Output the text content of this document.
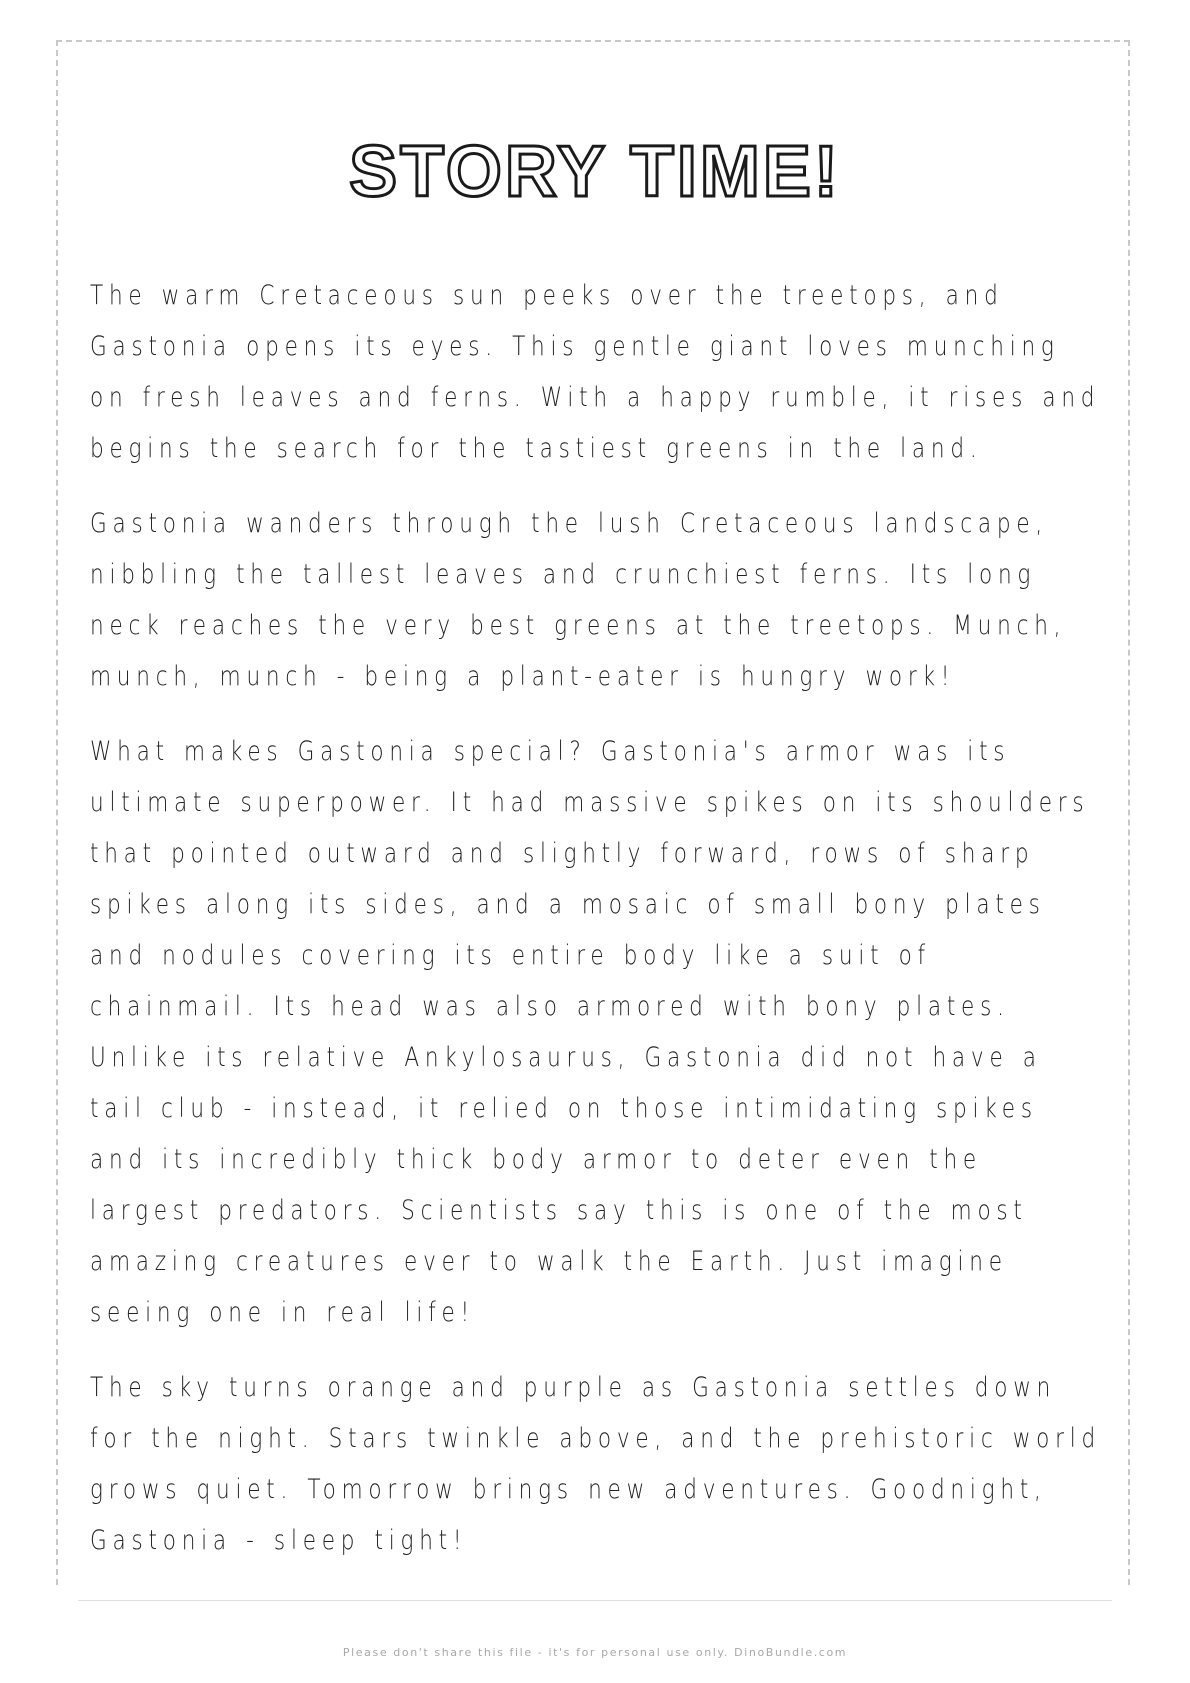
STORY TIME!

The warm Cretaceous sun peeks over the treetops, and Gastonia opens its eyes. This gentle giant loves munching on fresh leaves and ferns. With a happy rumble, it rises and begins the search for the tastiest greens in the land.

Gastonia wanders through the lush Cretaceous landscape, nibbling the tallest leaves and crunchiest ferns. Its long neck reaches the very best greens at the treetops. Munch, munch, munch - being a plant-eater is hungry work!

What makes Gastonia special? Gastonia's armor was its ultimate superpower. It had massive spikes on its shoulders that pointed outward and slightly forward, rows of sharp spikes along its sides, and a mosaic of small bony plates and nodules covering its entire body like a suit of chainmail. Its head was also armored with bony plates. Unlike its relative Ankylosaurus, Gastonia did not have a tail club - instead, it relied on those intimidating spikes and its incredibly thick body armor to deter even the largest predators. Scientists say this is one of the most amazing creatures ever to walk the Earth. Just imagine seeing one in real life!

The sky turns orange and purple as Gastonia settles down for the night. Stars twinkle above, and the prehistoric world grows quiet. Tomorrow brings new adventures. Goodnight, Gastonia - sleep tight!

Please don't share this file - it's for personal use only. DinoBundle.com
